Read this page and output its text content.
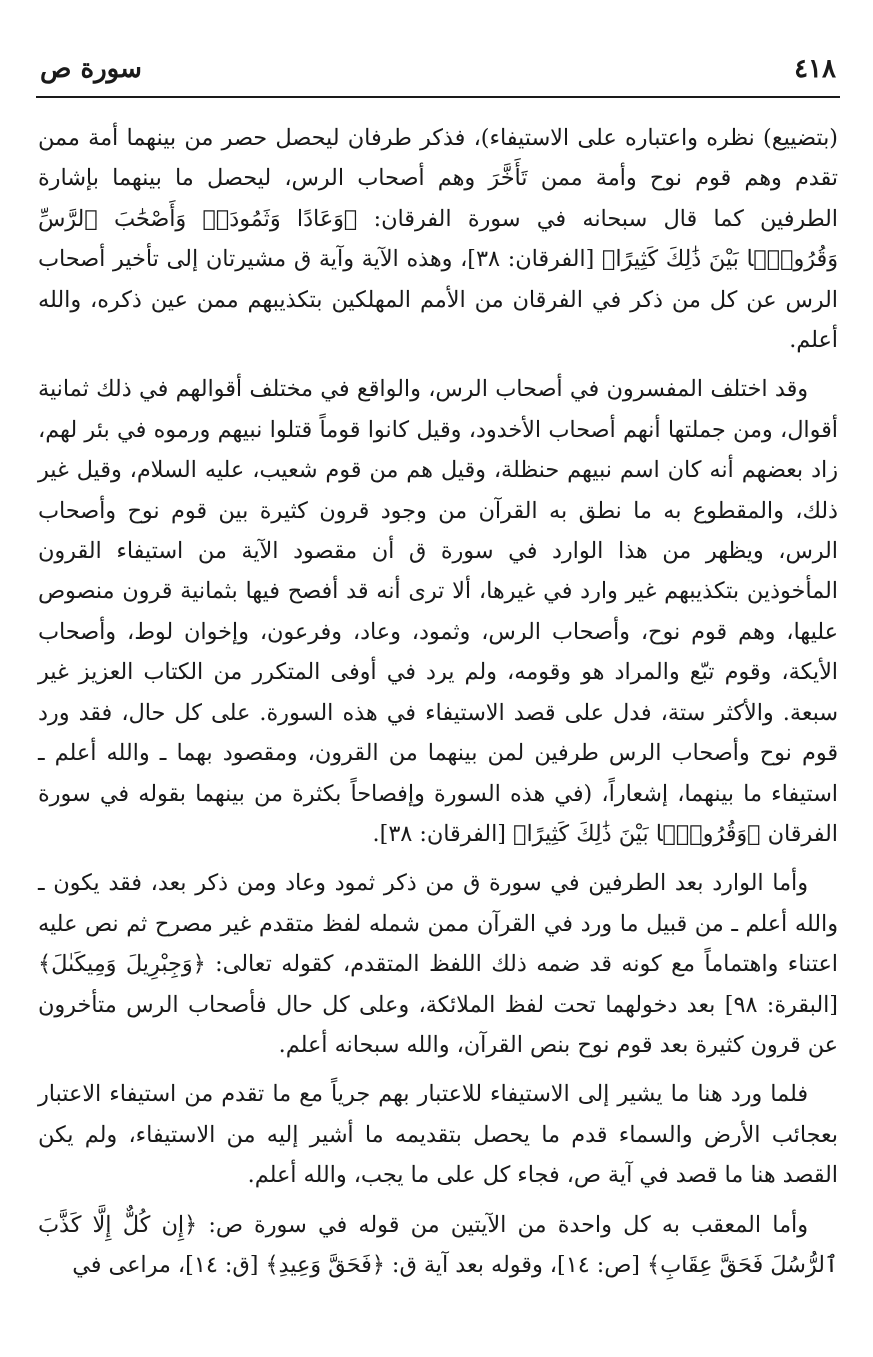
٤١٨
سورة ص

(بتضييع) نظره واعتباره على الاستيفاء)، فذكر طرفان ليحصل حصر من بينهما أمة ممن تقدم وهم قوم نوح وأمة ممن تَأَخَّرَ وهم أصحاب الرس، ليحصل ما بينهما بإشارة الطرفين كما قال سبحانه في سورة الفرقان: ﴿وَعَادًا وَثَمُودَا۟ وَأَصْحَٰبَ ٱلرَّسِّ وَقُرُونًۢا بَيْنَ ذَٰلِكَ كَثِيرًا﴾ [الفرقان: ٣٨]، وهذه الآية وآية ق مشيرتان إلى تأخير أصحاب الرس عن كل من ذكر في الفرقان من الأمم المهلكين بتكذيبهم ممن عين ذكره، والله أعلم.

وقد اختلف المفسرون في أصحاب الرس، والواقع في مختلف أقوالهم في ذلك ثمانية أقوال، ومن جملتها أنهم أصحاب الأخدود، وقيل كانوا قوماً قتلوا نبيهم ورموه في بئر لهم، زاد بعضهم أنه كان اسم نبيهم حنظلة، وقيل هم من قوم شعيب، عليه السلام، وقيل غير ذلك، والمقطوع به ما نطق به القرآن من وجود قرون كثيرة بين قوم نوح وأصحاب الرس، ويظهر من هذا الوارد في سورة ق أن مقصود الآية من استيفاء القرون المأخوذين بتكذيبهم غير وارد في غيرها، ألا ترى أنه قد أفصح فيها بثمانية قرون منصوص عليها، وهم قوم نوح، وأصحاب الرس، وثمود، وعاد، وفرعون، وإخوان لوط، وأصحاب الأيكة، وقوم تبّع والمراد هو وقومه، ولم يرد في أوفى المتكرر من الكتاب العزيز غير سبعة. والأكثر ستة، فدل على قصد الاستيفاء في هذه السورة. على كل حال، فقد ورد قوم نوح وأصحاب الرس طرفين لمن بينهما من القرون، ومقصود بهما ـ والله أعلم ـ استيفاء ما بينهما، إشعاراً، (في هذه السورة وإفصاحاً بكثرة من بينهما بقوله في سورة الفرقان ﴿وَقُرُونًۢا بَيْنَ ذَٰلِكَ كَثِيرًا﴾ [الفرقان: ٣٨].

وأما الوارد بعد الطرفين في سورة ق من ذكر ثمود وعاد ومن ذكر بعد، فقد يكون ـ والله أعلم ـ من قبيل ما ورد في القرآن ممن شمله لفظ متقدم غير مصرح ثم نص عليه اعتناء واهتماماً مع كونه قد ضمه ذلك اللفظ المتقدم، كقوله تعالى: ﴿وَجِبْرِيلَ وَمِيكَىٰلَ﴾ [البقرة: ٩٨] بعد دخولهما تحت لفظ الملائكة، وعلى كل حال فأصحاب الرس متأخرون عن قرون كثيرة بعد قوم نوح بنص القرآن، والله سبحانه أعلم.

فلما ورد هنا ما يشير إلى الاستيفاء للاعتبار بهم جرياً مع ما تقدم من استيفاء الاعتبار بعجائب الأرض والسماء قدم ما يحصل بتقديمه ما أشير إليه من الاستيفاء، ولم يكن القصد هنا ما قصد في آية ص، فجاء كل على ما يجب، والله أعلم.

وأما المعقب به كل واحدة من الآيتين من قوله في سورة ص: ﴿إِن كُلٌّ إِلَّا كَذَّبَ ٱلرُّسُلَ فَحَقَّ عِقَابِ﴾ [ص: ١٤]، وقوله بعد آية ق: ﴿فَحَقَّ وَعِيدِ﴾ [ق: ١٤]، مراعى في
